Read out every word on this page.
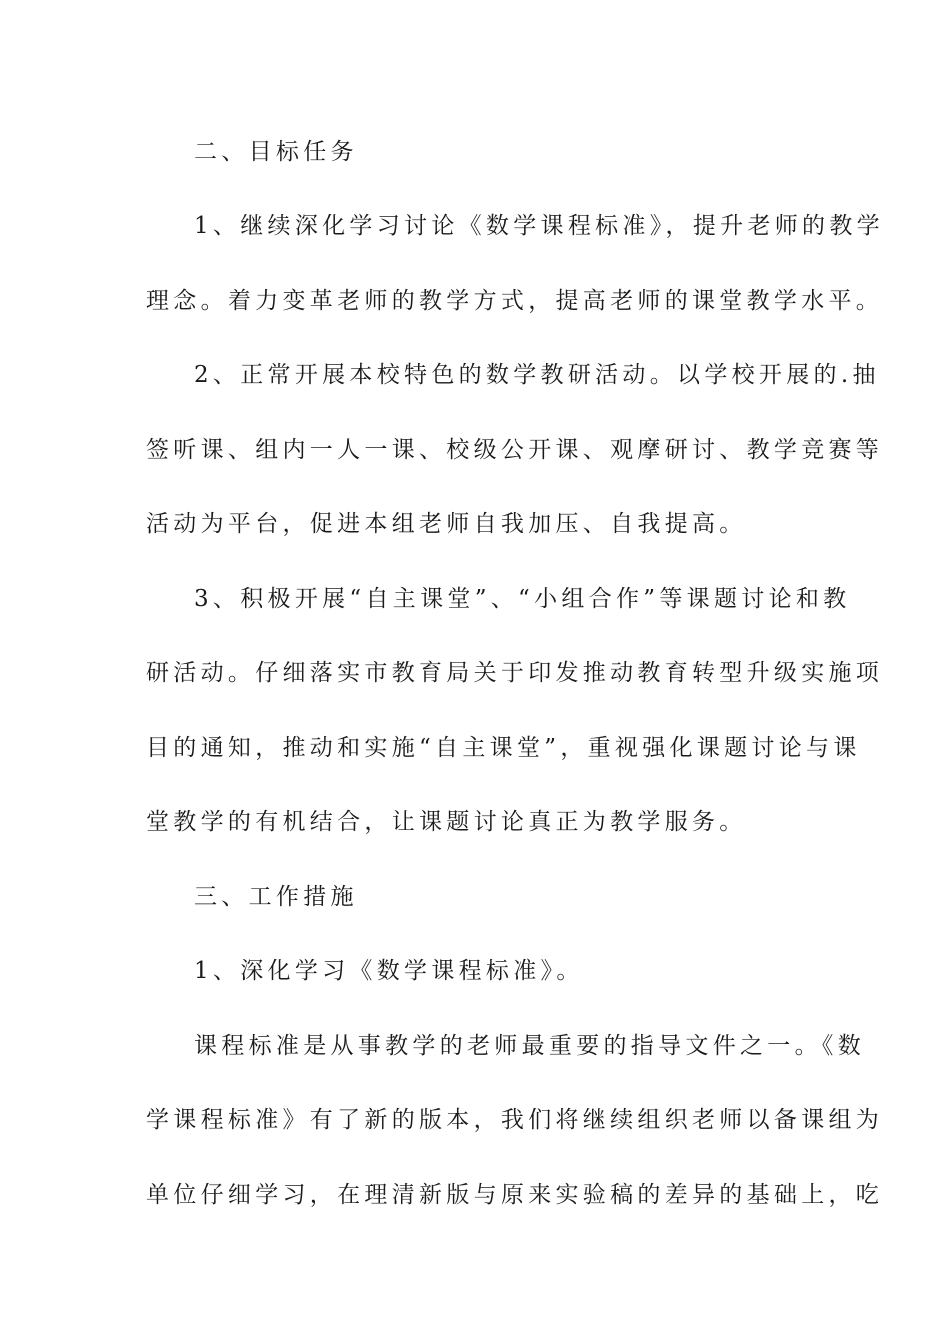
二、目标任务
1、继续深化学习讨论《数学课程标准》，提升老师的教学
理念。着力变革老师的教学方式，提高老师的课堂教学水平。
2、正常开展本校特色的数学教研活动。以学校开展的.抽
签听课、组内一人一课、校级公开课、观摩研讨、教学竞赛等
活动为平台，促进本组老师自我加压、自我提高。
3、积极开展“自主课堂”、“小组合作”等课题讨论和教
研活动。仔细落实市教育局关于印发推动教育转型升级实施项
目的通知，推动和实施“自主课堂”，重视强化课题讨论与课
堂教学的有机结合，让课题讨论真正为教学服务。
三、工作措施
1、深化学习《数学课程标准》。
课程标准是从事教学的老师最重要的指导文件之一。《数
学课程标准》有了新的版本，我们将继续组织老师以备课组为
单位仔细学习，在理清新版与原来实验稿的差异的基础上，吃
